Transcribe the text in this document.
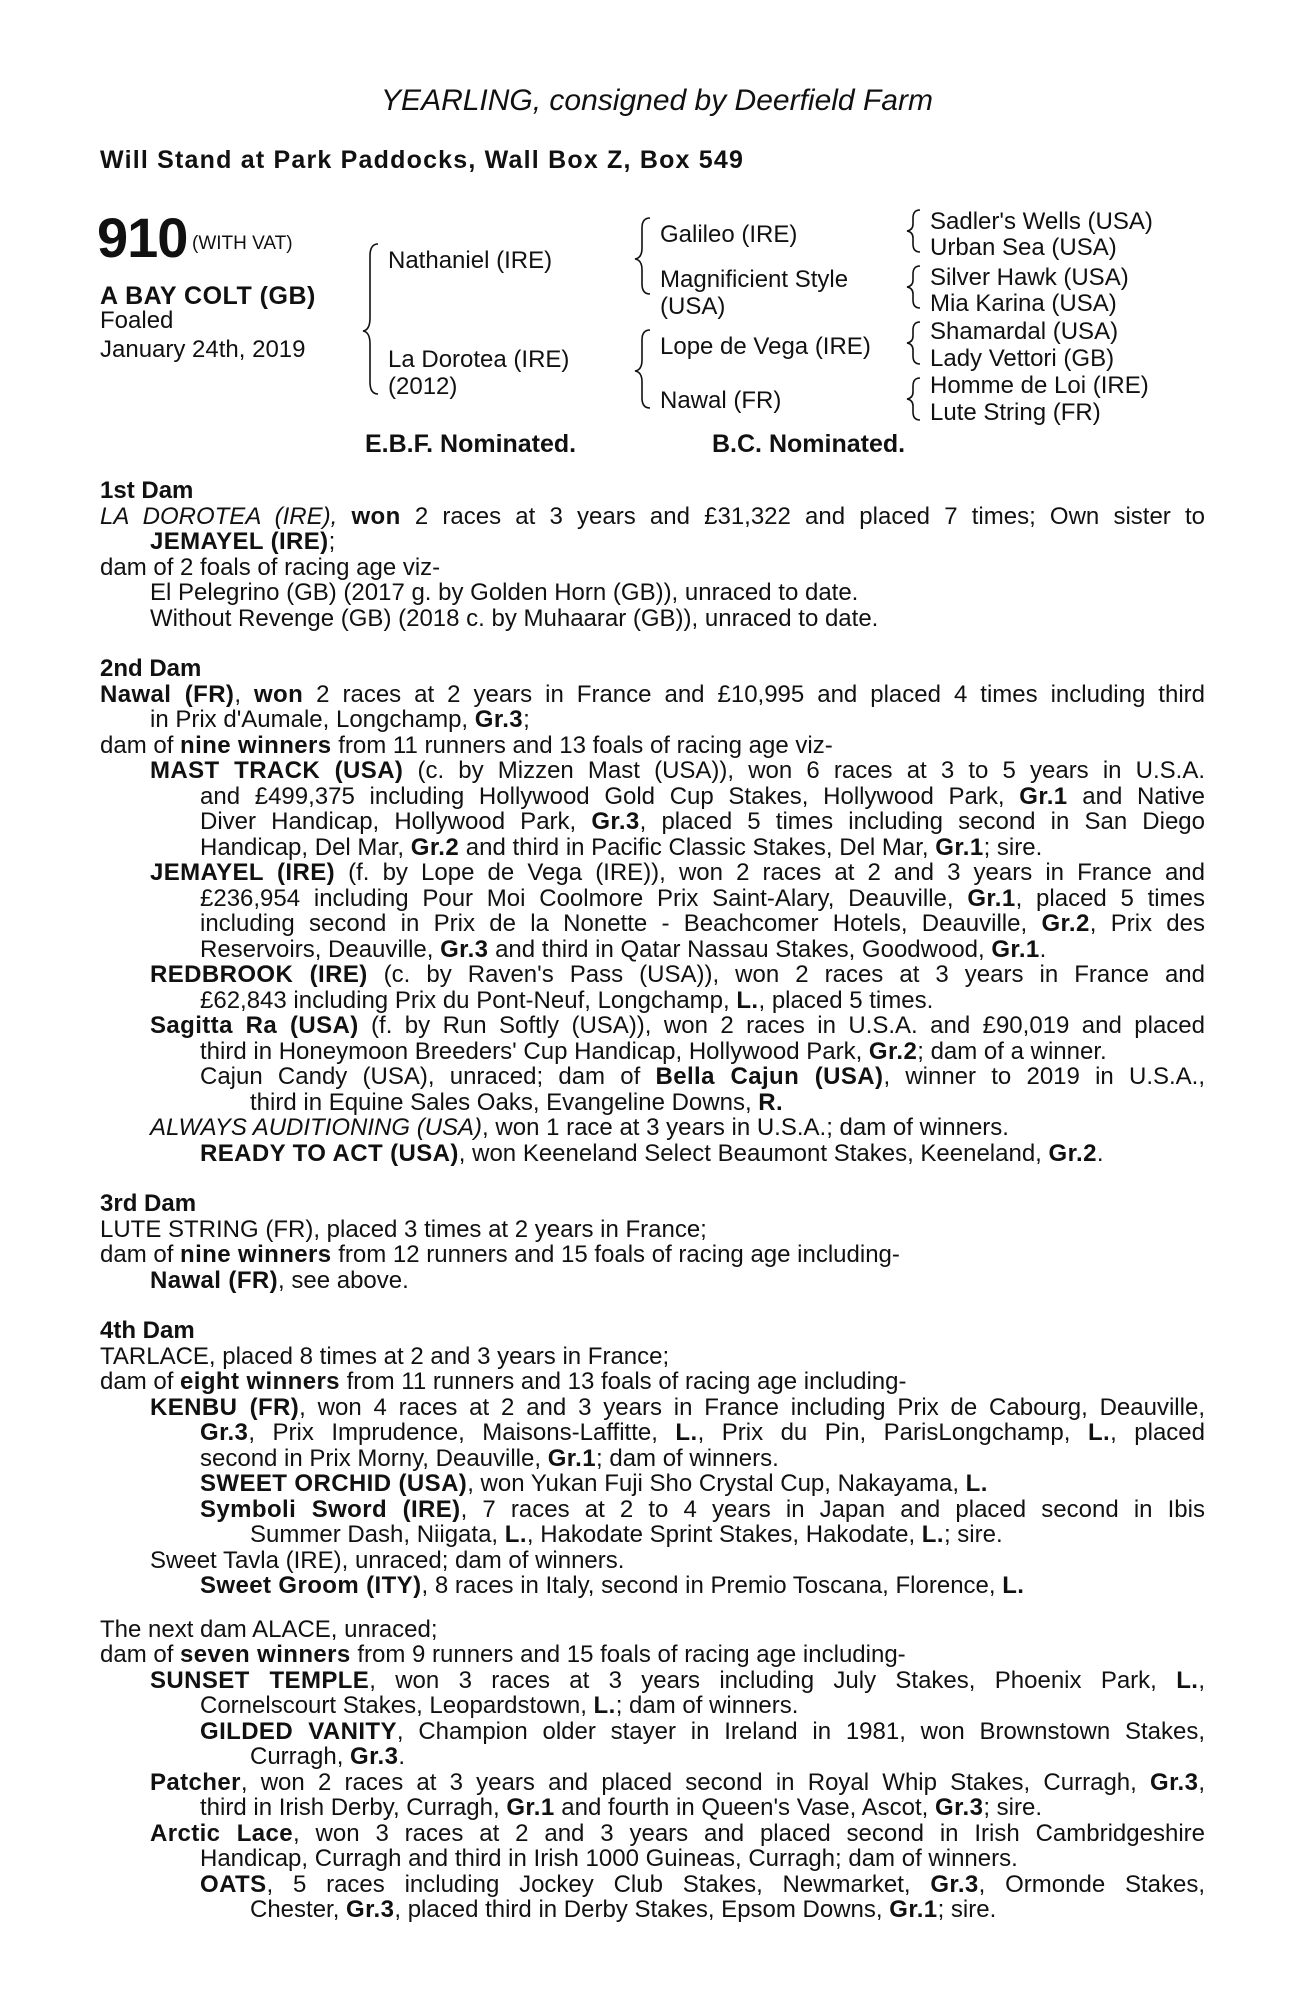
YEARLING, consigned by Deerfield Farm
Will Stand at Park Paddocks, Wall Box Z, Box 549
910 (WITH VAT)
A BAY COLT (GB)
Foaled
January 24th, 2019
Nathaniel (IRE)
La Dorotea (IRE)
(2012)
Galileo (IRE)
Magnificient Style
(USA)
Lope de Vega (IRE)
Nawal (FR)
Sadler's Wells (USA)
Urban Sea (USA)
Silver Hawk (USA)
Mia Karina (USA)
Shamardal (USA)
Lady Vettori (GB)
Homme de Loi (IRE)
Lute String (FR)
E.B.F. Nominated.	B.C. Nominated.
1st Dam
LA DOROTEA (IRE), won 2 races at 3 years and £31,322 and placed 7 times; Own sister to
JEMAYEL (IRE);
dam of 2 foals of racing age viz-
El Pelegrino (GB) (2017 g. by Golden Horn (GB)), unraced to date.
Without Revenge (GB) (2018 c. by Muhaarar (GB)), unraced to date.
2nd Dam
Nawal (FR), won 2 races at 2 years in France and £10,995 and placed 4 times including third
in Prix d'Aumale, Longchamp, Gr.3;
dam of nine winners from 11 runners and 13 foals of racing age viz-
MAST TRACK (USA) (c. by Mizzen Mast (USA)), won 6 races at 3 to 5 years in U.S.A.
and £499,375 including Hollywood Gold Cup Stakes, Hollywood Park, Gr.1 and Native
Diver Handicap, Hollywood Park, Gr.3, placed 5 times including second in San Diego
Handicap, Del Mar, Gr.2 and third in Pacific Classic Stakes, Del Mar, Gr.1; sire.
JEMAYEL (IRE) (f. by Lope de Vega (IRE)), won 2 races at 2 and 3 years in France and
£236,954 including Pour Moi Coolmore Prix Saint-Alary, Deauville, Gr.1, placed 5 times
including second in Prix de la Nonette - Beachcomer Hotels, Deauville, Gr.2, Prix des
Reservoirs, Deauville, Gr.3 and third in Qatar Nassau Stakes, Goodwood, Gr.1.
REDBROOK (IRE) (c. by Raven's Pass (USA)), won 2 races at 3 years in France and
£62,843 including Prix du Pont-Neuf, Longchamp, L., placed 5 times.
Sagitta Ra (USA) (f. by Run Softly (USA)), won 2 races in U.S.A. and £90,019 and placed
third in Honeymoon Breeders' Cup Handicap, Hollywood Park, Gr.2; dam of a winner.
Cajun Candy (USA), unraced; dam of Bella Cajun (USA), winner to 2019 in U.S.A.,
third in Equine Sales Oaks, Evangeline Downs, R.
ALWAYS AUDITIONING (USA), won 1 race at 3 years in U.S.A.; dam of winners.
READY TO ACT (USA), won Keeneland Select Beaumont Stakes, Keeneland, Gr.2.
3rd Dam
LUTE STRING (FR), placed 3 times at 2 years in France;
dam of nine winners from 12 runners and 15 foals of racing age including-
Nawal (FR), see above.
4th Dam
TARLACE, placed 8 times at 2 and 3 years in France;
dam of eight winners from 11 runners and 13 foals of racing age including-
KENBU (FR), won 4 races at 2 and 3 years in France including Prix de Cabourg, Deauville,
Gr.3, Prix Imprudence, Maisons-Laffitte, L., Prix du Pin, ParisLongchamp, L., placed
second in Prix Morny, Deauville, Gr.1; dam of winners.
SWEET ORCHID (USA), won Yukan Fuji Sho Crystal Cup, Nakayama, L.
Symboli Sword (IRE), 7 races at 2 to 4 years in Japan and placed second in Ibis
Summer Dash, Niigata, L., Hakodate Sprint Stakes, Hakodate, L.; sire.
Sweet Tavla (IRE), unraced; dam of winners.
Sweet Groom (ITY), 8 races in Italy, second in Premio Toscana, Florence, L.
The next dam ALACE, unraced;
dam of seven winners from 9 runners and 15 foals of racing age including-
SUNSET TEMPLE, won 3 races at 3 years including July Stakes, Phoenix Park, L.,
Cornelscourt Stakes, Leopardstown, L.; dam of winners.
GILDED VANITY, Champion older stayer in Ireland in 1981, won Brownstown Stakes,
Curragh, Gr.3.
Patcher, won 2 races at 3 years and placed second in Royal Whip Stakes, Curragh, Gr.3,
third in Irish Derby, Curragh, Gr.1 and fourth in Queen's Vase, Ascot, Gr.3; sire.
Arctic Lace, won 3 races at 2 and 3 years and placed second in Irish Cambridgeshire
Handicap, Curragh and third in Irish 1000 Guineas, Curragh; dam of winners.
OATS, 5 races including Jockey Club Stakes, Newmarket, Gr.3, Ormonde Stakes,
Chester, Gr.3, placed third in Derby Stakes, Epsom Downs, Gr.1; sire.
